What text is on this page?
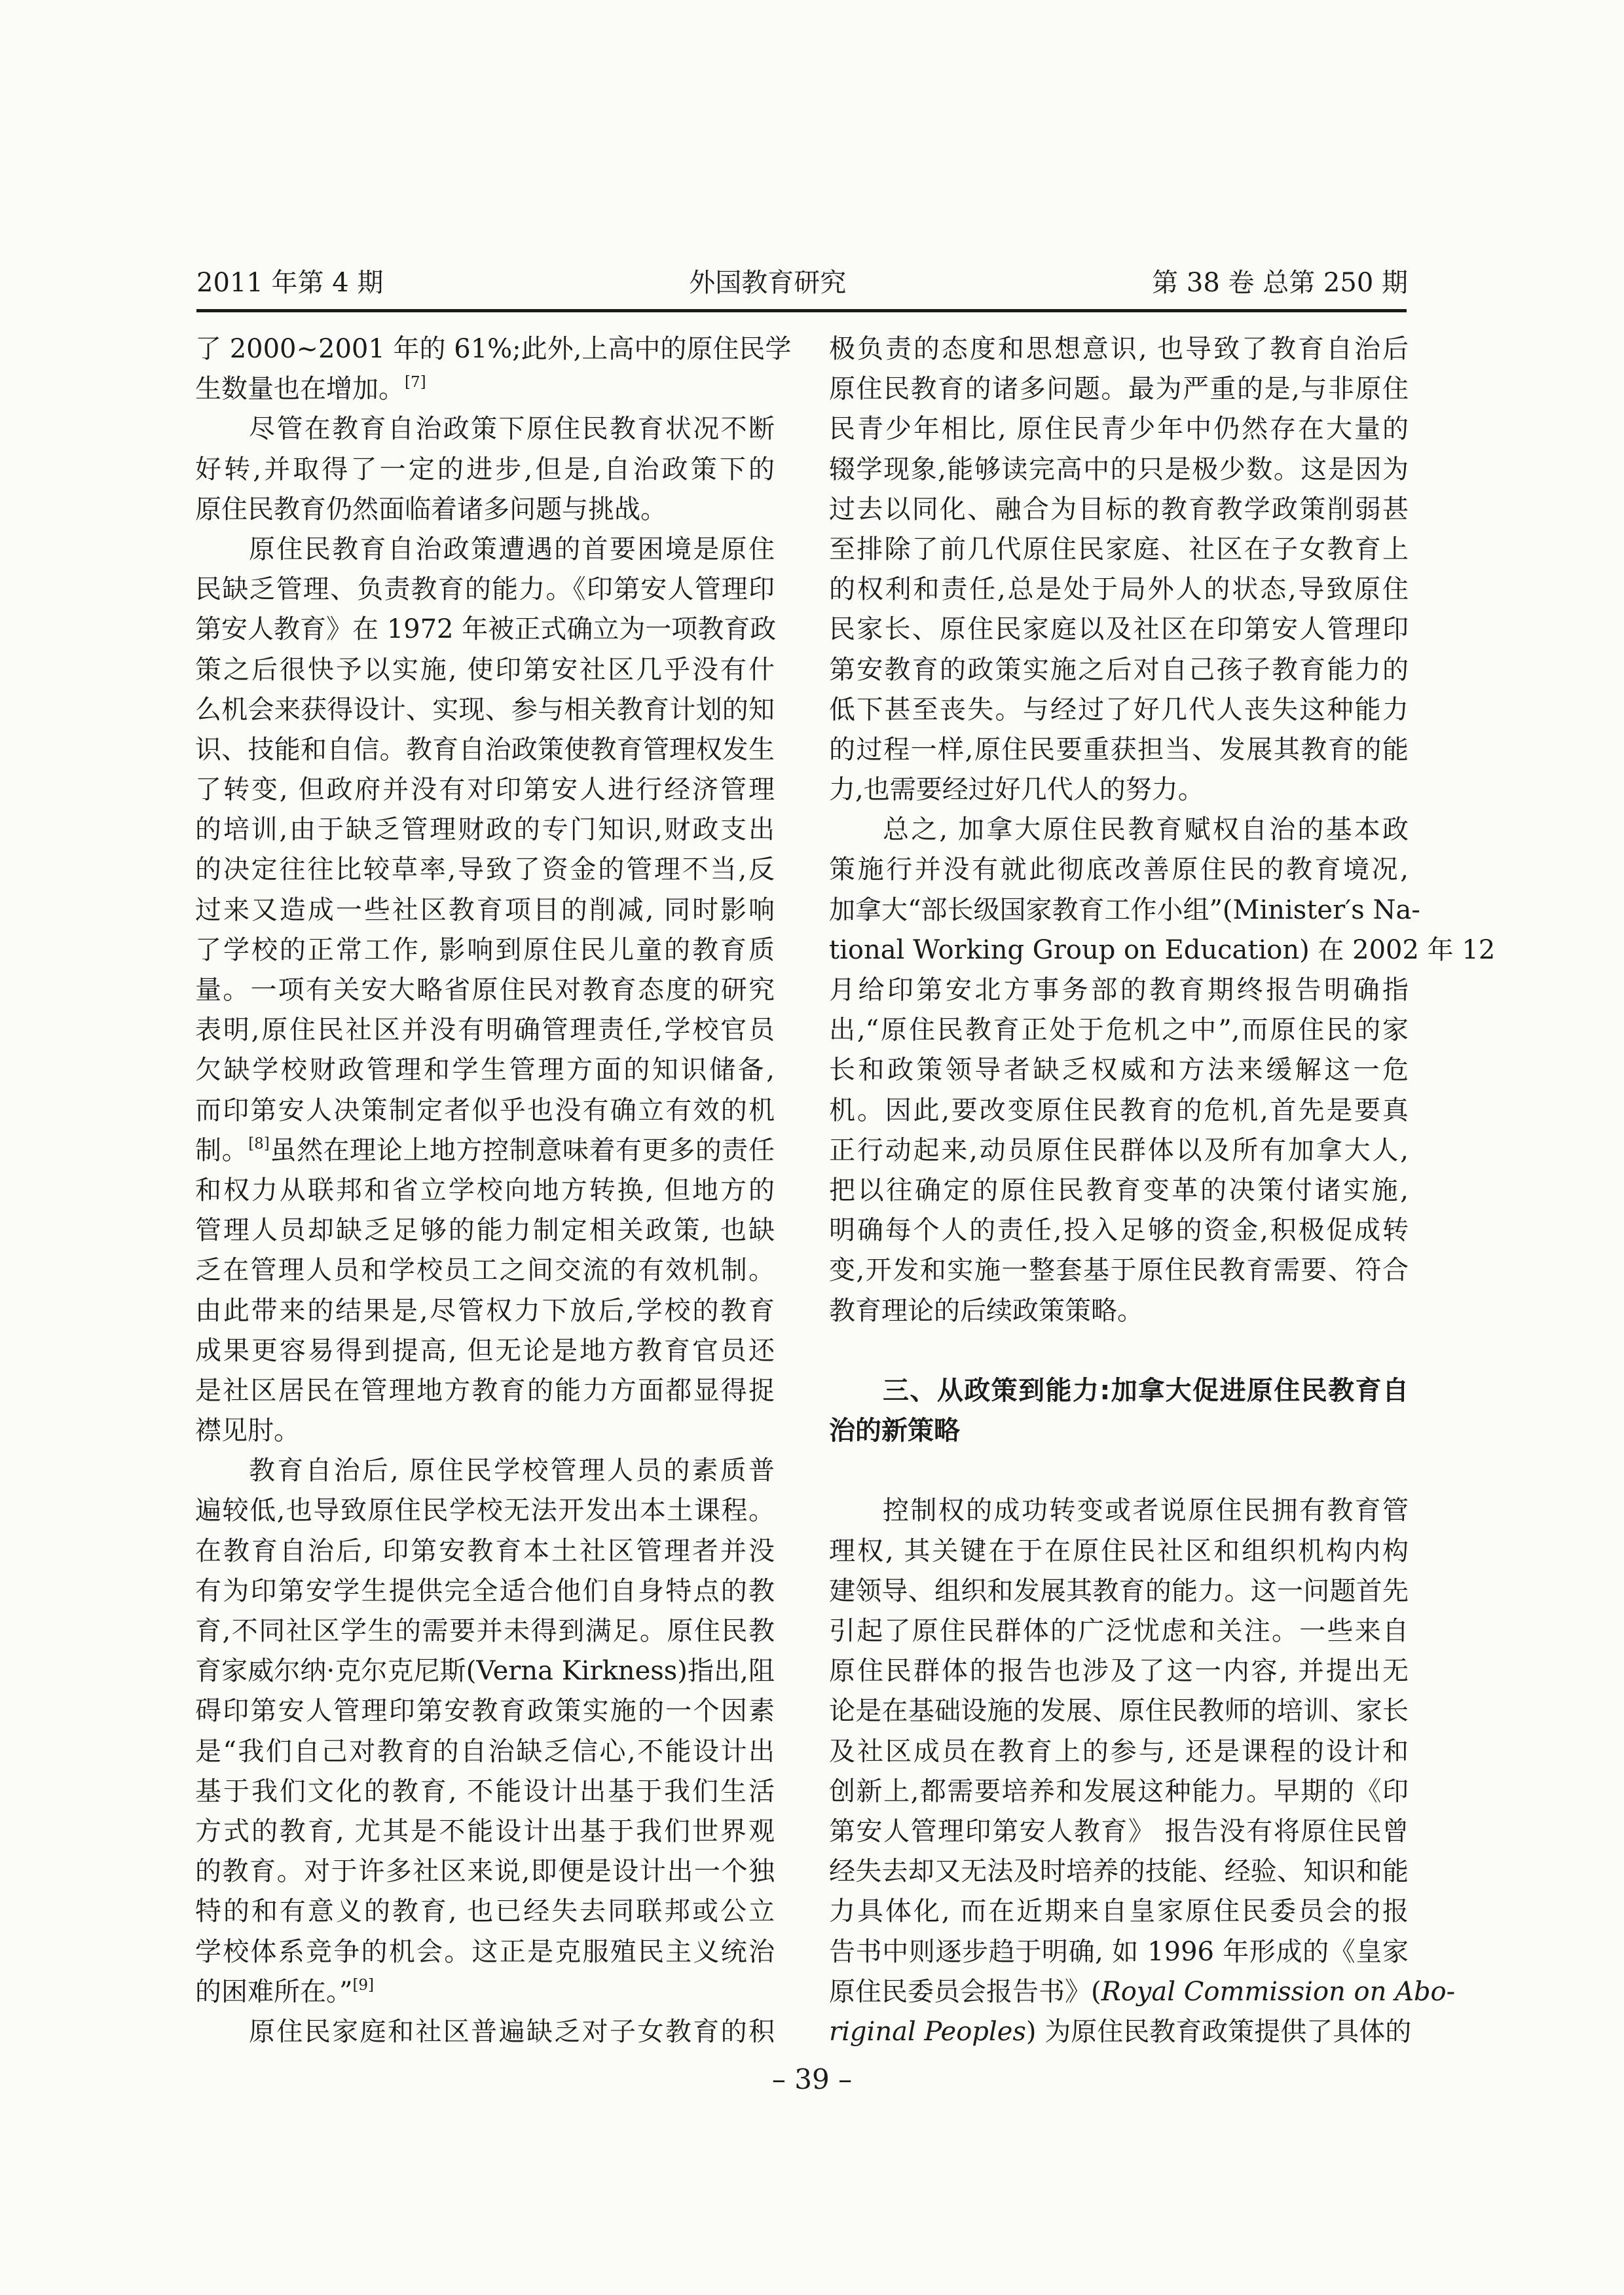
2011 年第 4 期	外国教育研究	第 38 卷 总第 250 期
了 2000~2001 年的 61%;此外,上高中的原住民学
生数量也在增加。[7]
尽管在教育自治政策下原住民教育状况不断
好转,并取得了一定的进步,但是,自治政策下的
原住民教育仍然面临着诸多问题与挑战。
原住民教育自治政策遭遇的首要困境是原住
民缺乏管理、负责教育的能力。《印第安人管理印
第安人教育》在 1972 年被正式确立为一项教育政
策之后很快予以实施, 使印第安社区几乎没有什
么机会来获得设计、实现、参与相关教育计划的知
识、技能和自信。教育自治政策使教育管理权发生
了转变, 但政府并没有对印第安人进行经济管理
的培训,由于缺乏管理财政的专门知识,财政支出
的决定往往比较草率,导致了资金的管理不当,反
过来又造成一些社区教育项目的削减, 同时影响
了学校的正常工作, 影响到原住民儿童的教育质
量。一项有关安大略省原住民对教育态度的研究
表明,原住民社区并没有明确管理责任,学校官员
欠缺学校财政管理和学生管理方面的知识储备,
而印第安人决策制定者似乎也没有确立有效的机
制。[8]虽然在理论上地方控制意味着有更多的责任
和权力从联邦和省立学校向地方转换, 但地方的
管理人员却缺乏足够的能力制定相关政策, 也缺
乏在管理人员和学校员工之间交流的有效机制。
由此带来的结果是,尽管权力下放后,学校的教育
成果更容易得到提高, 但无论是地方教育官员还
是社区居民在管理地方教育的能力方面都显得捉
襟见肘。
教育自治后, 原住民学校管理人员的素质普
遍较低,也导致原住民学校无法开发出本土课程。
在教育自治后, 印第安教育本土社区管理者并没
有为印第安学生提供完全适合他们自身特点的教
育,不同社区学生的需要并未得到满足。原住民教
育家威尔纳·克尔克尼斯(Verna Kirkness)指出,阻
碍印第安人管理印第安教育政策实施的一个因素
是“我们自己对教育的自治缺乏信心,不能设计出
基于我们文化的教育, 不能设计出基于我们生活
方式的教育, 尤其是不能设计出基于我们世界观
的教育。对于许多社区来说,即便是设计出一个独
特的和有意义的教育, 也已经失去同联邦或公立
学校体系竞争的机会。这正是克服殖民主义统治
的困难所在。”[9]
原住民家庭和社区普遍缺乏对子女教育的积
极负责的态度和思想意识, 也导致了教育自治后
原住民教育的诸多问题。最为严重的是,与非原住
民青少年相比, 原住民青少年中仍然存在大量的
辍学现象,能够读完高中的只是极少数。这是因为
过去以同化、融合为目标的教育教学政策削弱甚
至排除了前几代原住民家庭、社区在子女教育上
的权利和责任,总是处于局外人的状态,导致原住
民家长、原住民家庭以及社区在印第安人管理印
第安教育的政策实施之后对自己孩子教育能力的
低下甚至丧失。与经过了好几代人丧失这种能力
的过程一样,原住民要重获担当、发展其教育的能
力,也需要经过好几代人的努力。
总之, 加拿大原住民教育赋权自治的基本政
策施行并没有就此彻底改善原住民的教育境况,
加拿大“部长级国家教育工作小组”(Minister′s Na-
tional Working Group on Education) 在 2002 年 12
月给印第安北方事务部的教育期终报告明确指
出,“原住民教育正处于危机之中”,而原住民的家
长和政策领导者缺乏权威和方法来缓解这一危
机。因此,要改变原住民教育的危机,首先是要真
正行动起来,动员原住民群体以及所有加拿大人,
把以往确定的原住民教育变革的决策付诸实施,
明确每个人的责任,投入足够的资金,积极促成转
变,开发和实施一整套基于原住民教育需要、符合
教育理论的后续政策策略。
三、从政策到能力:加拿大促进原住民教育自
治的新策略
控制权的成功转变或者说原住民拥有教育管
理权, 其关键在于在原住民社区和组织机构内构
建领导、组织和发展其教育的能力。这一问题首先
引起了原住民群体的广泛忧虑和关注。一些来自
原住民群体的报告也涉及了这一内容, 并提出无
论是在基础设施的发展、原住民教师的培训、家长
及社区成员在教育上的参与, 还是课程的设计和
创新上,都需要培养和发展这种能力。早期的《印
第安人管理印第安人教育》 报告没有将原住民曾
经失去却又无法及时培养的技能、经验、知识和能
力具体化, 而在近期来自皇家原住民委员会的报
告书中则逐步趋于明确, 如 1996 年形成的《皇家
原住民委员会报告书》(Royal Commission on Abo-
riginal Peoples) 为原住民教育政策提供了具体的
– 39 –
